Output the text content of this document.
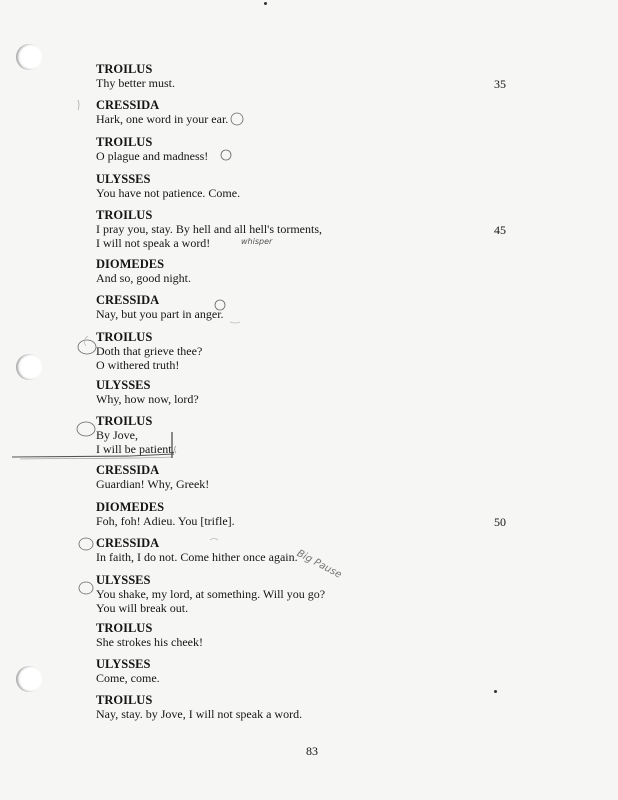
TROILUS
Thy better must.
CRESSIDA
Hark, one word in your ear.
TROILUS
O plague and madness!
ULYSSES
You have not patience. Come.
TROILUS
I pray you, stay. By hell and all hell's torments,
I will not speak a word!
DIOMEDES
And so, good night.
CRESSIDA
Nay, but you part in anger.
TROILUS
Doth that grieve thee?
O withered truth!
ULYSSES
Why, how now, lord?
TROILUS
By Jove,
I will be patient.
CRESSIDA
Guardian! Why, Greek!
DIOMEDES
Foh, foh! Adieu. You [trifle].
CRESSIDA
In faith, I do not. Come hither once again.
ULYSSES
You shake, my lord, at something. Will you go?
You will break out.
TROILUS
She strokes his cheek!
ULYSSES
Come, come.
TROILUS
Nay, stay. by Jove, I will not speak a word.
35
45
50
83
whisper
Big Pause
